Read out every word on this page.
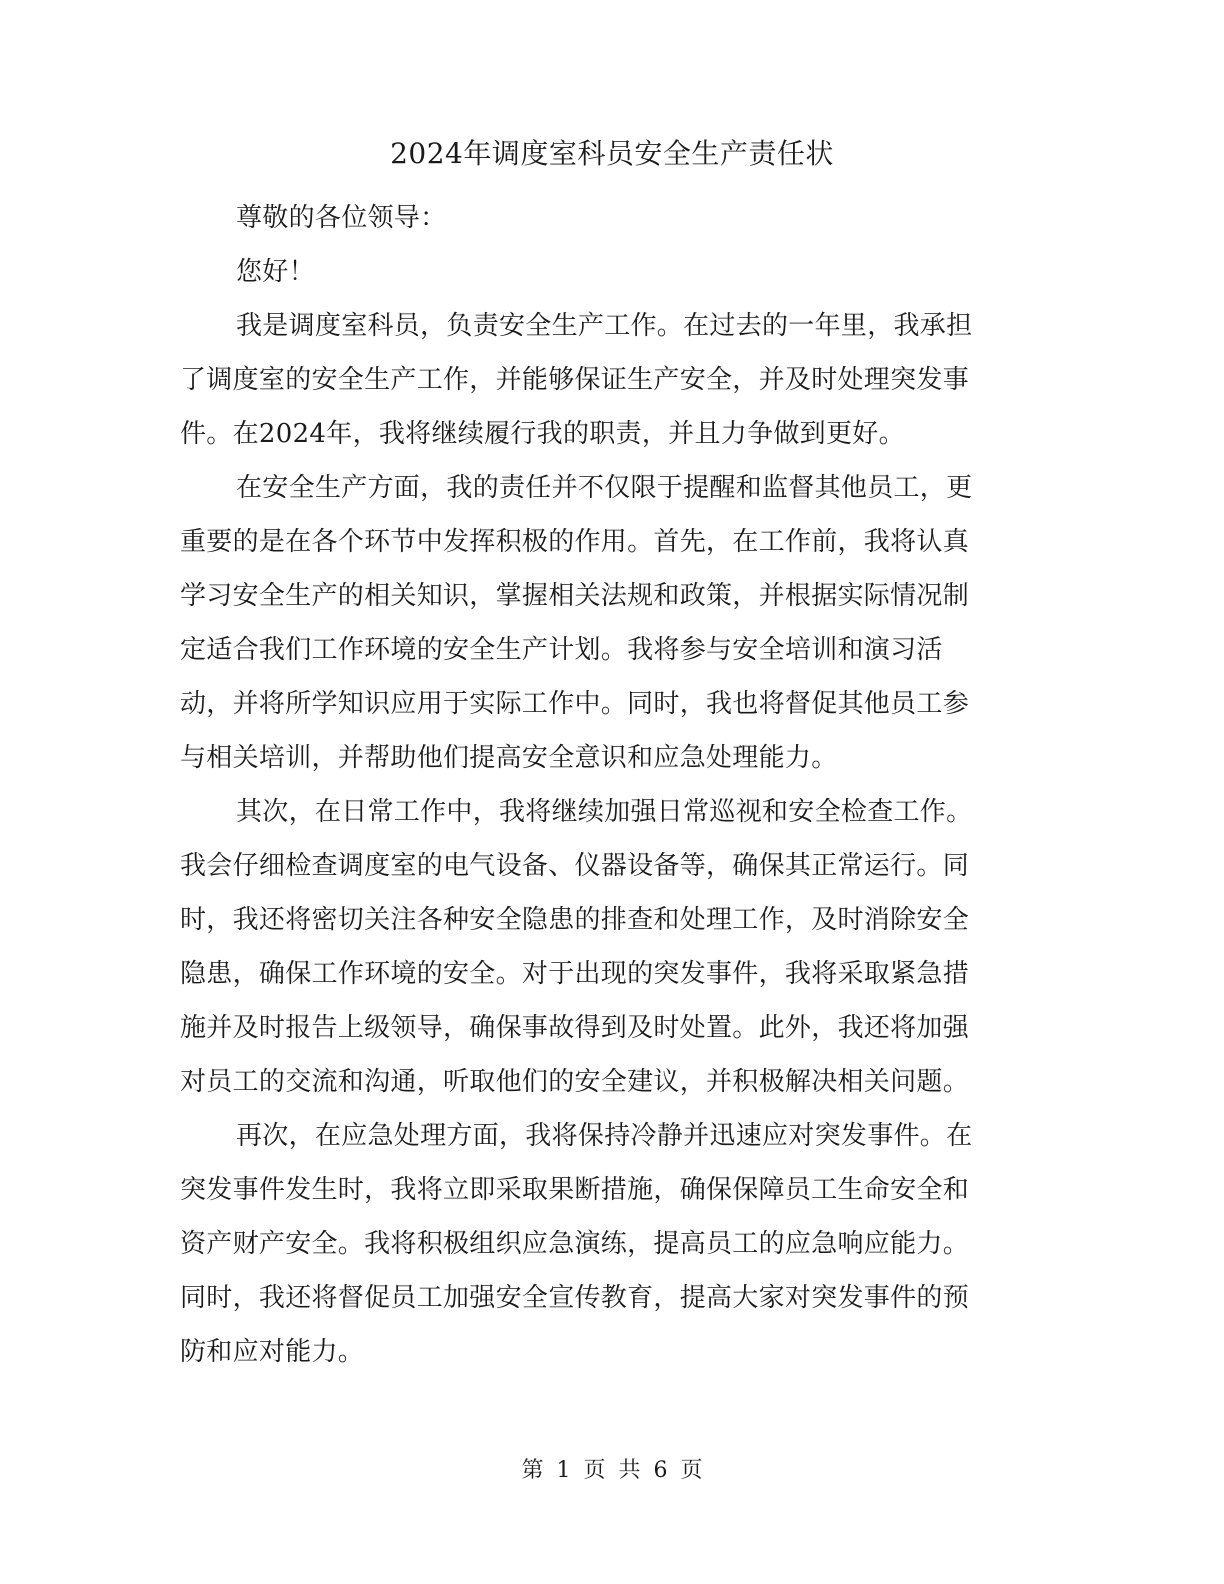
2024年调度室科员安全生产责任状
尊敬的各位领导：
您好！
我是调度室科员，负责安全生产工作。在过去的一年里，我承担
了调度室的安全生产工作，并能够保证生产安全，并及时处理突发事
件。在2024年，我将继续履行我的职责，并且力争做到更好。
在安全生产方面，我的责任并不仅限于提醒和监督其他员工，更
重要的是在各个环节中发挥积极的作用。首先，在工作前，我将认真
学习安全生产的相关知识，掌握相关法规和政策，并根据实际情况制
定适合我们工作环境的安全生产计划。我将参与安全培训和演习活
动，并将所学知识应用于实际工作中。同时，我也将督促其他员工参
与相关培训，并帮助他们提高安全意识和应急处理能力。
其次，在日常工作中，我将继续加强日常巡视和安全检查工作。
我会仔细检查调度室的电气设备、仪器设备等，确保其正常运行。同
时，我还将密切关注各种安全隐患的排查和处理工作，及时消除安全
隐患，确保工作环境的安全。对于出现的突发事件，我将采取紧急措
施并及时报告上级领导，确保事故得到及时处置。此外，我还将加强
对员工的交流和沟通，听取他们的安全建议，并积极解决相关问题。
再次，在应急处理方面，我将保持冷静并迅速应对突发事件。在
突发事件发生时，我将立即采取果断措施，确保保障员工生命安全和
资产财产安全。我将积极组织应急演练，提高员工的应急响应能力。
同时，我还将督促员工加强安全宣传教育，提高大家对突发事件的预
防和应对能力。
第 1 页 共 6 页
